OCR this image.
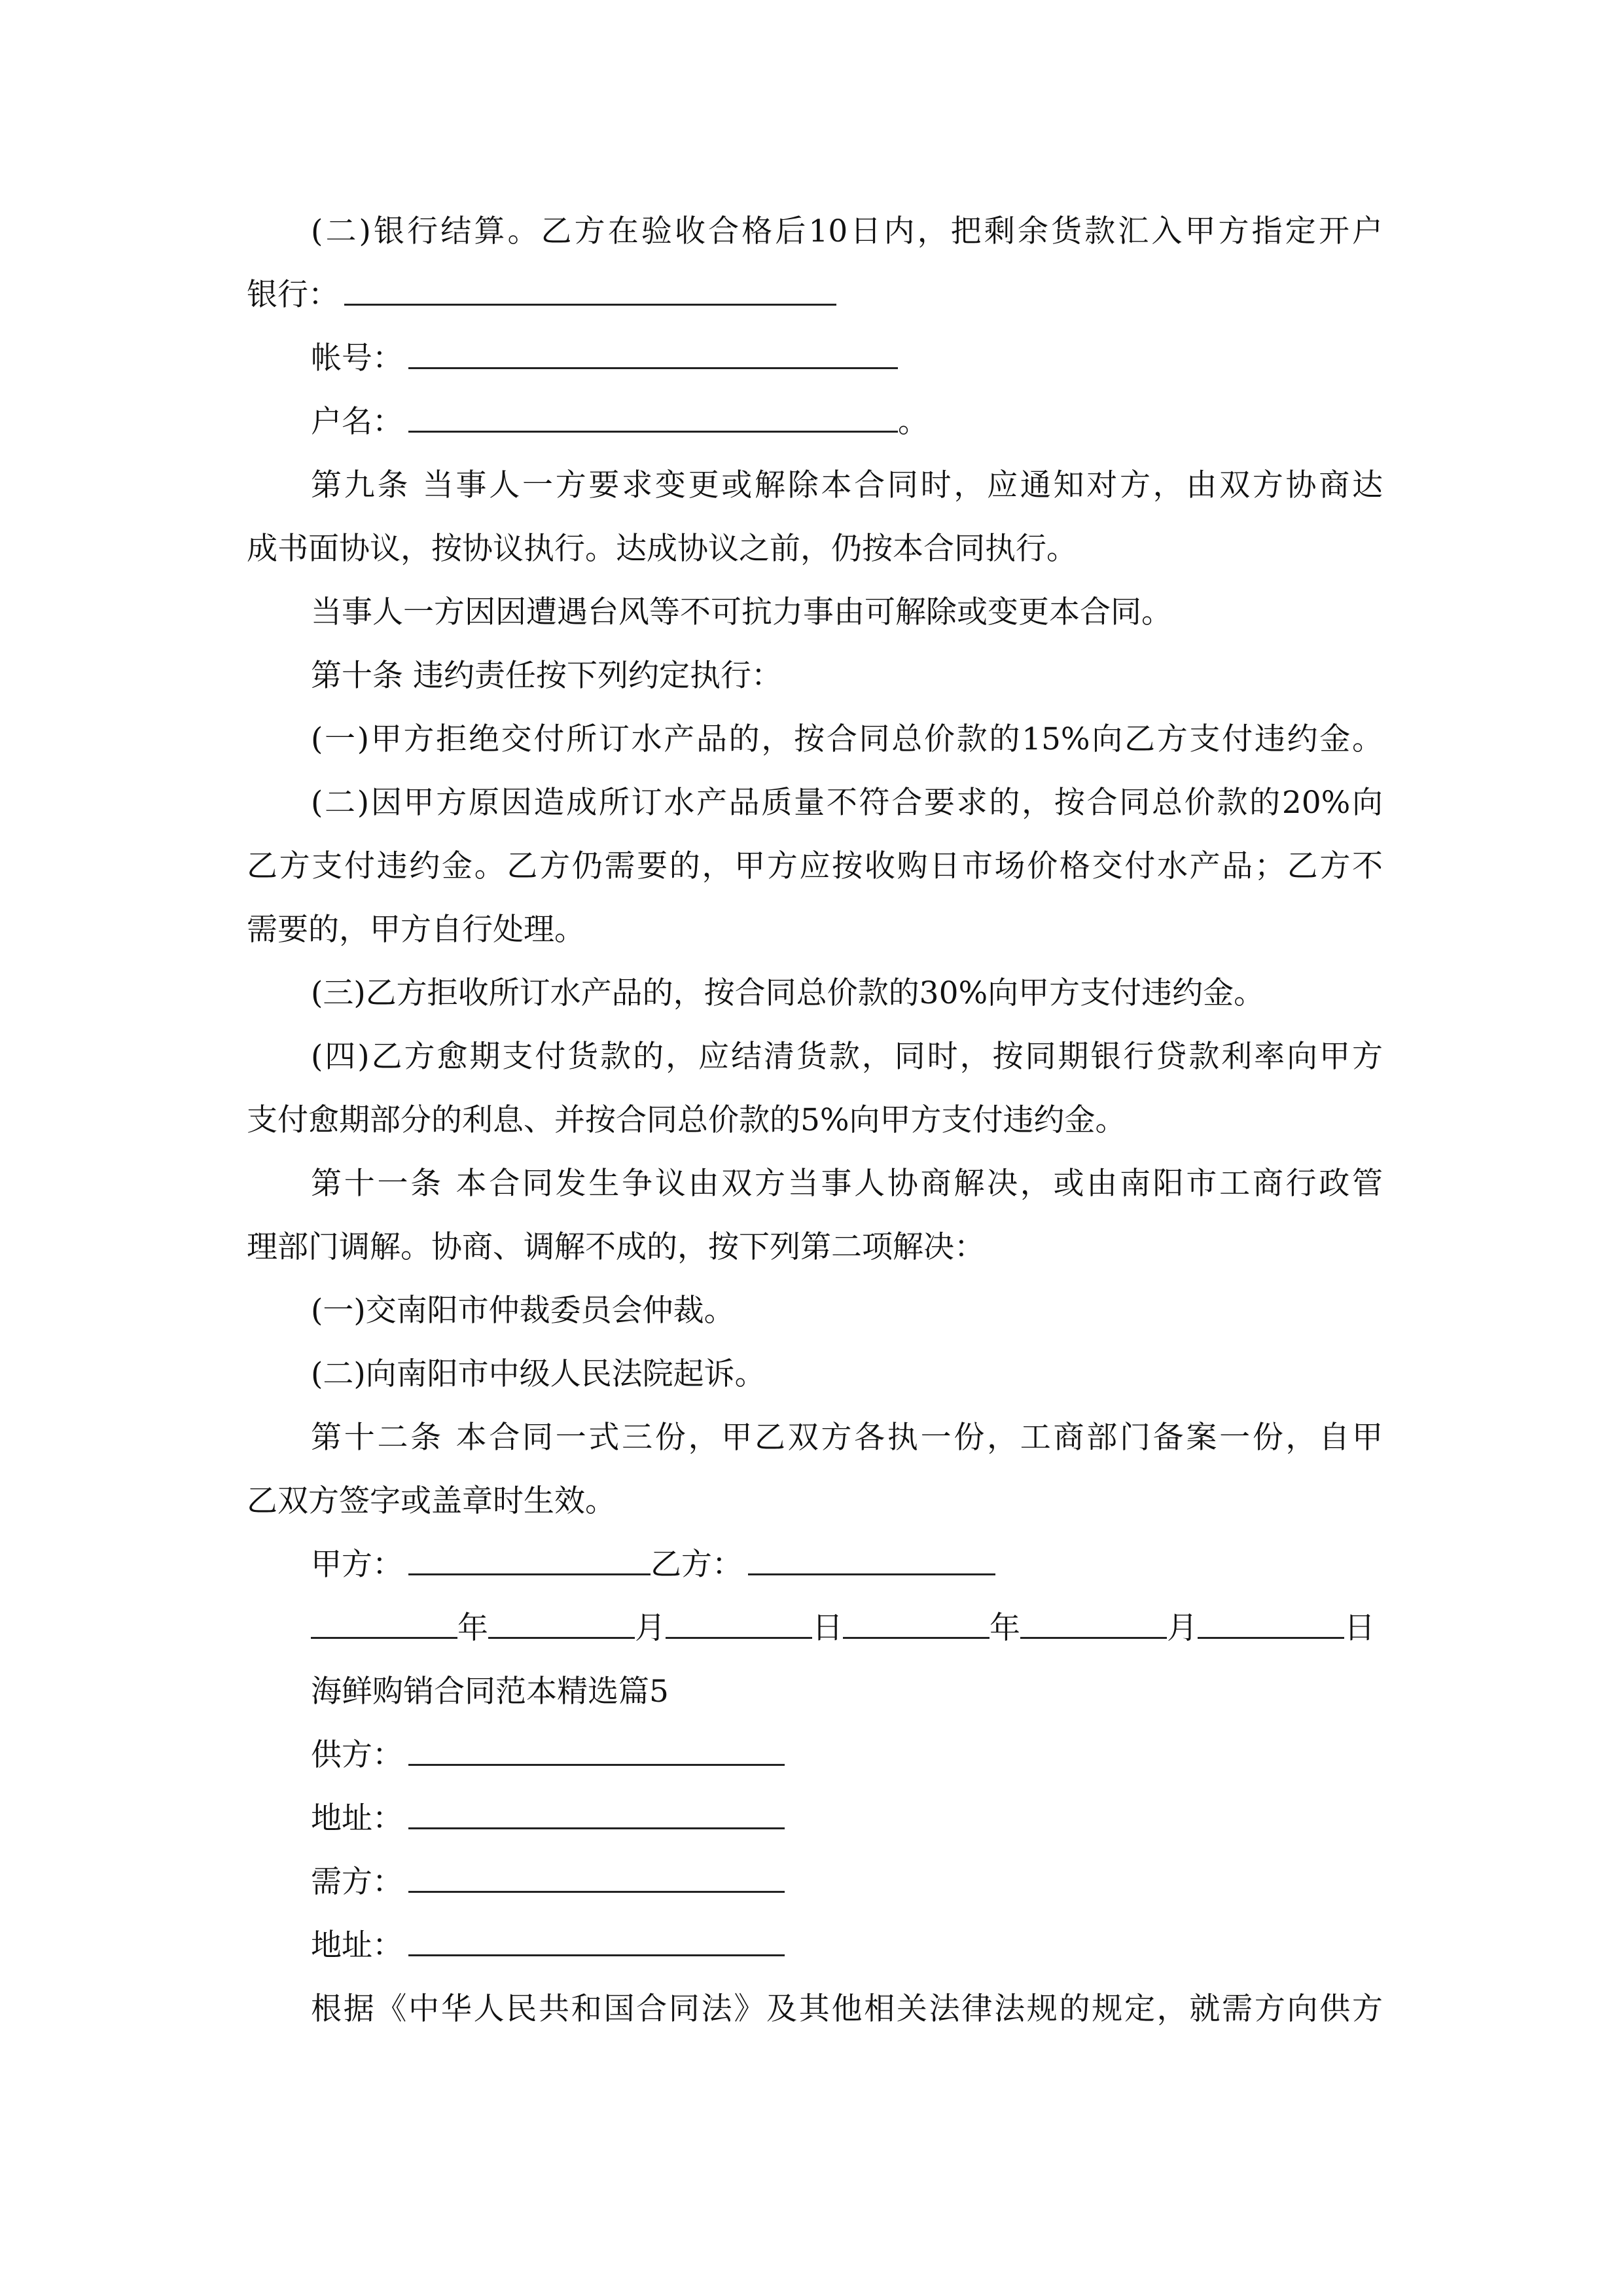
(二)银行结算。乙方在验收合格后10日内，把剩余货款汇入甲方指定开户
银行：
帐号：
户名：	。
第九条 当事人一方要求变更或解除本合同时，应通知对方，由双方协商达
成书面协议，按协议执行。达成协议之前，仍按本合同执行。
当事人一方因因遭遇台风等不可抗力事由可解除或变更本合同。
第十条 违约责任按下列约定执行：
(一)甲方拒绝交付所订水产品的，按合同总价款的15%向乙方支付违约金。
(二)因甲方原因造成所订水产品质量不符合要求的，按合同总价款的20%向
乙方支付违约金。乙方仍需要的，甲方应按收购日市场价格交付水产品；乙方不
需要的，甲方自行处理。
(三)乙方拒收所订水产品的，按合同总价款的30%向甲方支付违约金。
(四)乙方愈期支付货款的，应结清货款，同时，按同期银行贷款利率向甲方
支付愈期部分的利息、并按合同总价款的5%向甲方支付违约金。
第十一条 本合同发生争议由双方当事人协商解决，或由南阳市工商行政管
理部门调解。协商、调解不成的，按下列第二项解决：
(一)交南阳市仲裁委员会仲裁。
(二)向南阳市中级人民法院起诉。
第十二条 本合同一式三份，甲乙双方各执一份，工商部门备案一份，自甲
乙双方签字或盖章时生效。
甲方：	乙方：
年	月	日	年	月	日
海鲜购销合同范本精选篇5
供方：
地址：
需方：
地址：
根据《中华人民共和国合同法》及其他相关法律法规的规定，就需方向供方
